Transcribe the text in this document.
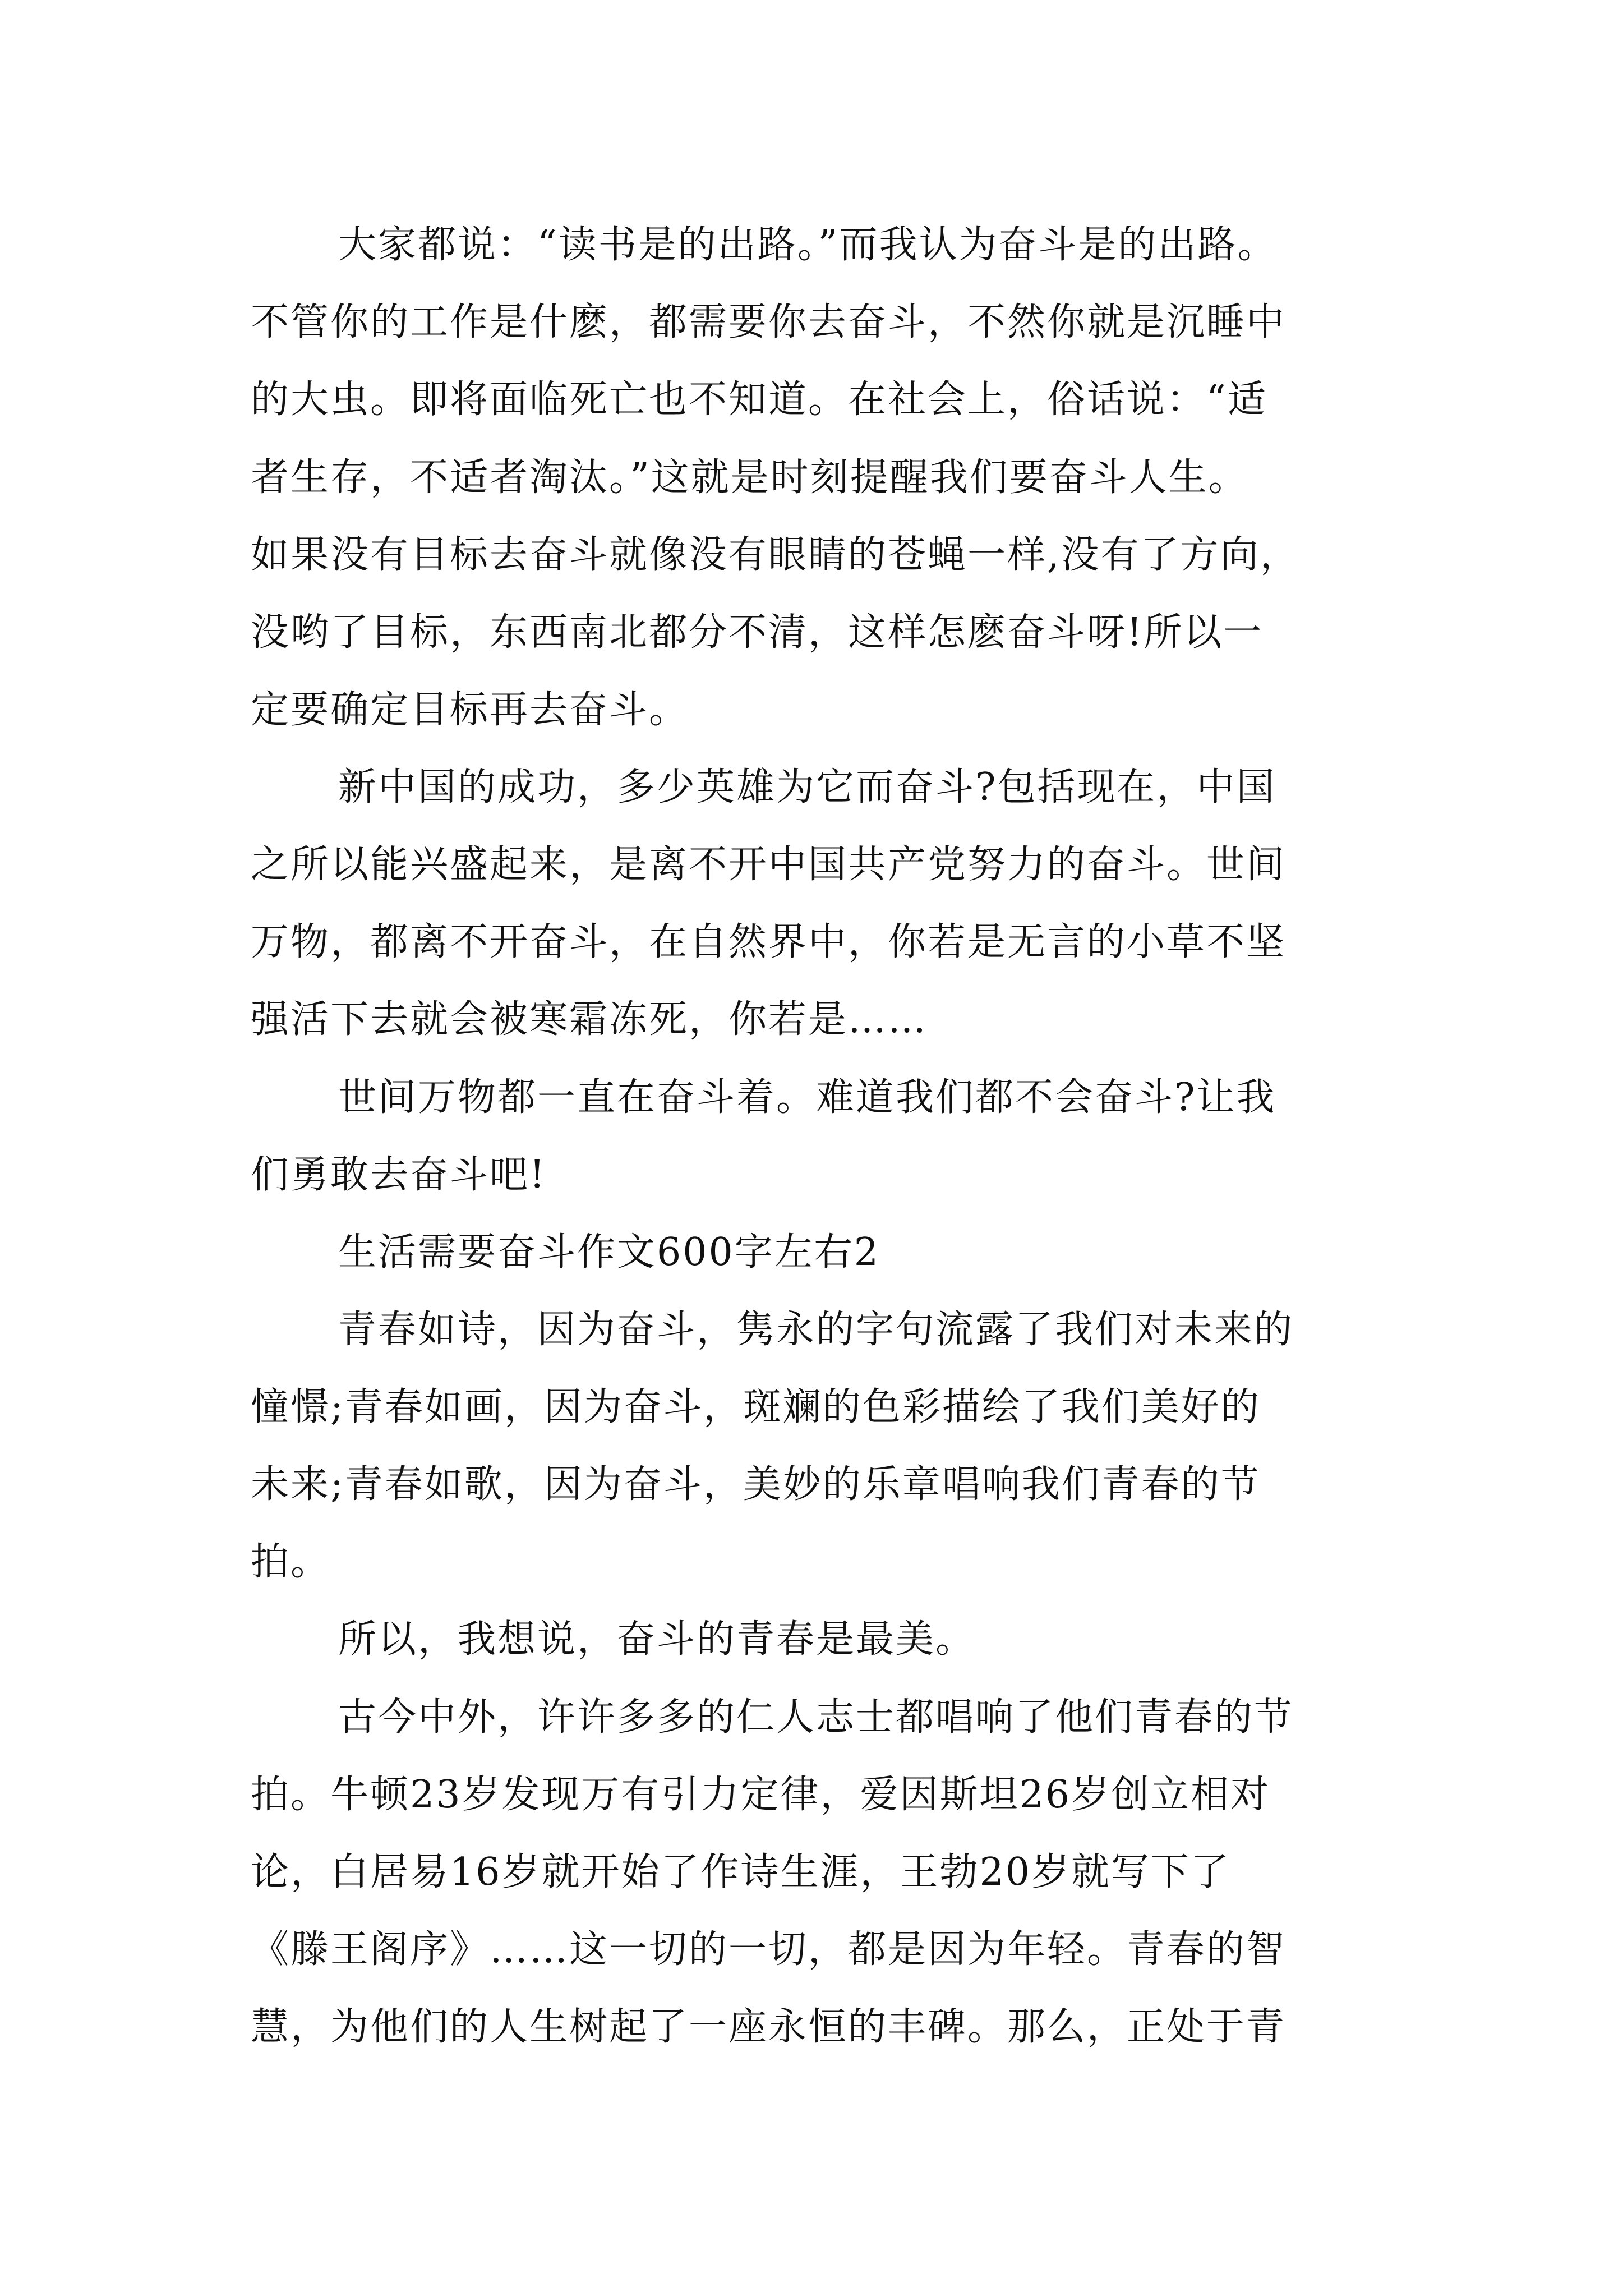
大家都说：“读书是的出路。”而我认为奋斗是的出路。
不管你的工作是什麽，都需要你去奋斗，不然你就是沉睡中
的大虫。即将面临死亡也不知道。在社会上，俗话说：“适
者生存，不适者淘汰。”这就是时刻提醒我们要奋斗人生。
如果没有目标去奋斗就像没有眼睛的苍蝇一样,没有了方向，
没哟了目标，东西南北都分不清，这样怎麽奋斗呀!所以一
定要确定目标再去奋斗。
新中国的成功，多少英雄为它而奋斗?包括现在，中国
之所以能兴盛起来，是离不开中国共产党努力的奋斗。世间
万物，都离不开奋斗，在自然界中，你若是无言的小草不坚
强活下去就会被寒霜冻死，你若是……
世间万物都一直在奋斗着。难道我们都不会奋斗?让我
们勇敢去奋斗吧!
生活需要奋斗作文600字左右2
青春如诗，因为奋斗，隽永的字句流露了我们对未来的
憧憬;青春如画，因为奋斗，斑斓的色彩描绘了我们美好的
未来;青春如歌，因为奋斗，美妙的乐章唱响我们青春的节
拍。
所以，我想说，奋斗的青春是最美。
古今中外，许许多多的仁人志士都唱响了他们青春的节
拍。牛顿23岁发现万有引力定律，爱因斯坦26岁创立相对
论，白居易16岁就开始了作诗生涯，王勃20岁就写下了
《滕王阁序》……这一切的一切，都是因为年轻。青春的智
慧，为他们的人生树起了一座永恒的丰碑。那么，正处于青
